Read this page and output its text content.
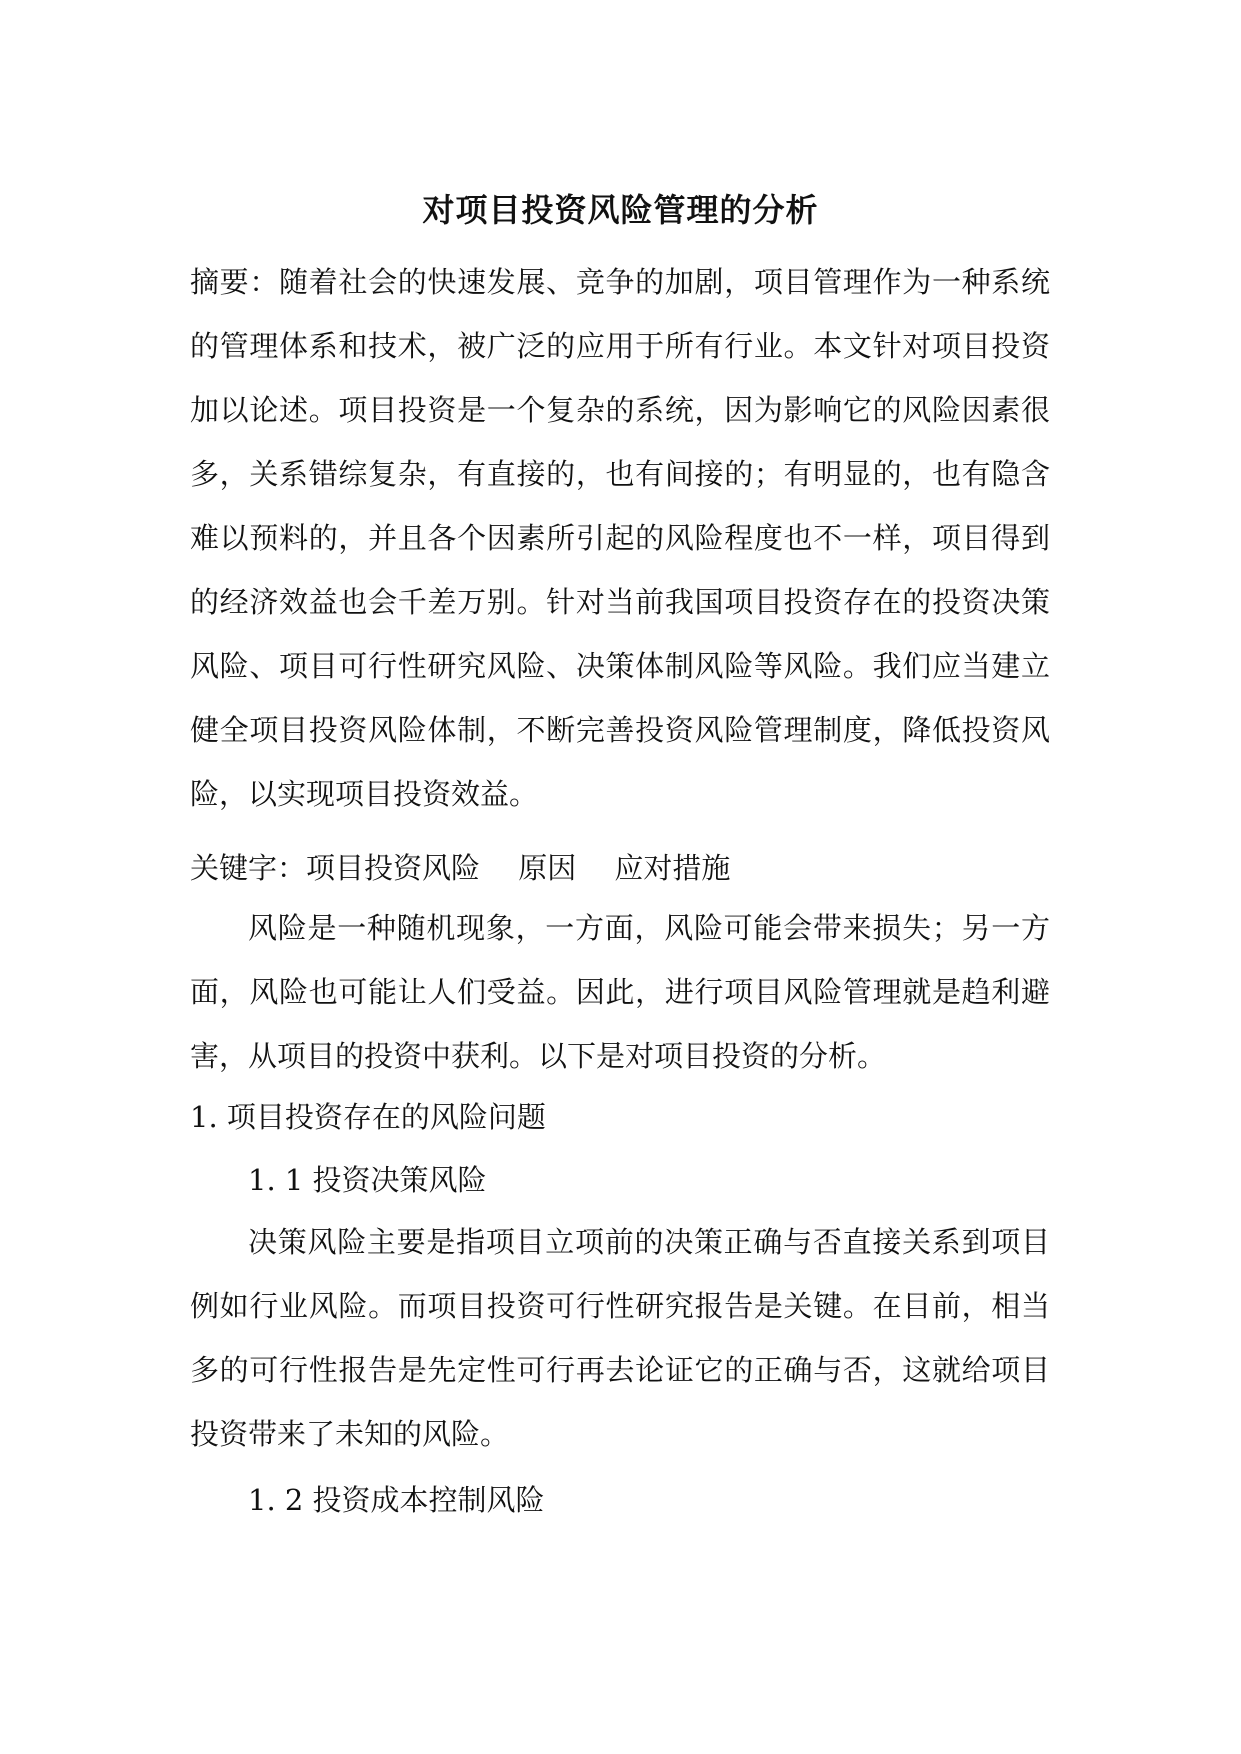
对项目投资风险管理的分析
摘要：随着社会的快速发展、竞争的加剧，项目管理作为一种系统的管理体系和技术，被广泛的应用于所有行业。本文针对项目投资加以论述。项目投资是一个复杂的系统，因为影响它的风险因素很多，关系错综复杂，有直接的，也有间接的；有明显的，也有隐含难以预料的，并且各个因素所引起的风险程度也不一样，项目得到的经济效益也会千差万别。针对当前我国项目投资存在的投资决策风险、项目可行性研究风险、决策体制风险等风险。我们应当建立健全项目投资风险体制，不断完善投资风险管理制度，降低投资风险，以实现项目投资效益。
关键字：项目投资风险　 原因　 应对措施
风险是一种随机现象，一方面，风险可能会带来损失；另一方面，风险也可能让人们受益。因此，进行项目风险管理就是趋利避害，从项目的投资中获利。以下是对项目投资的分析。
1. 项目投资存在的风险问题
1. 1 投资决策风险
决策风险主要是指项目立项前的决策正确与否直接关系到项目例如行业风险。而项目投资可行性研究报告是关键。在目前，相当多的可行性报告是先定性可行再去论证它的正确与否，这就给项目投资带来了未知的风险。
1. 2 投资成本控制风险
